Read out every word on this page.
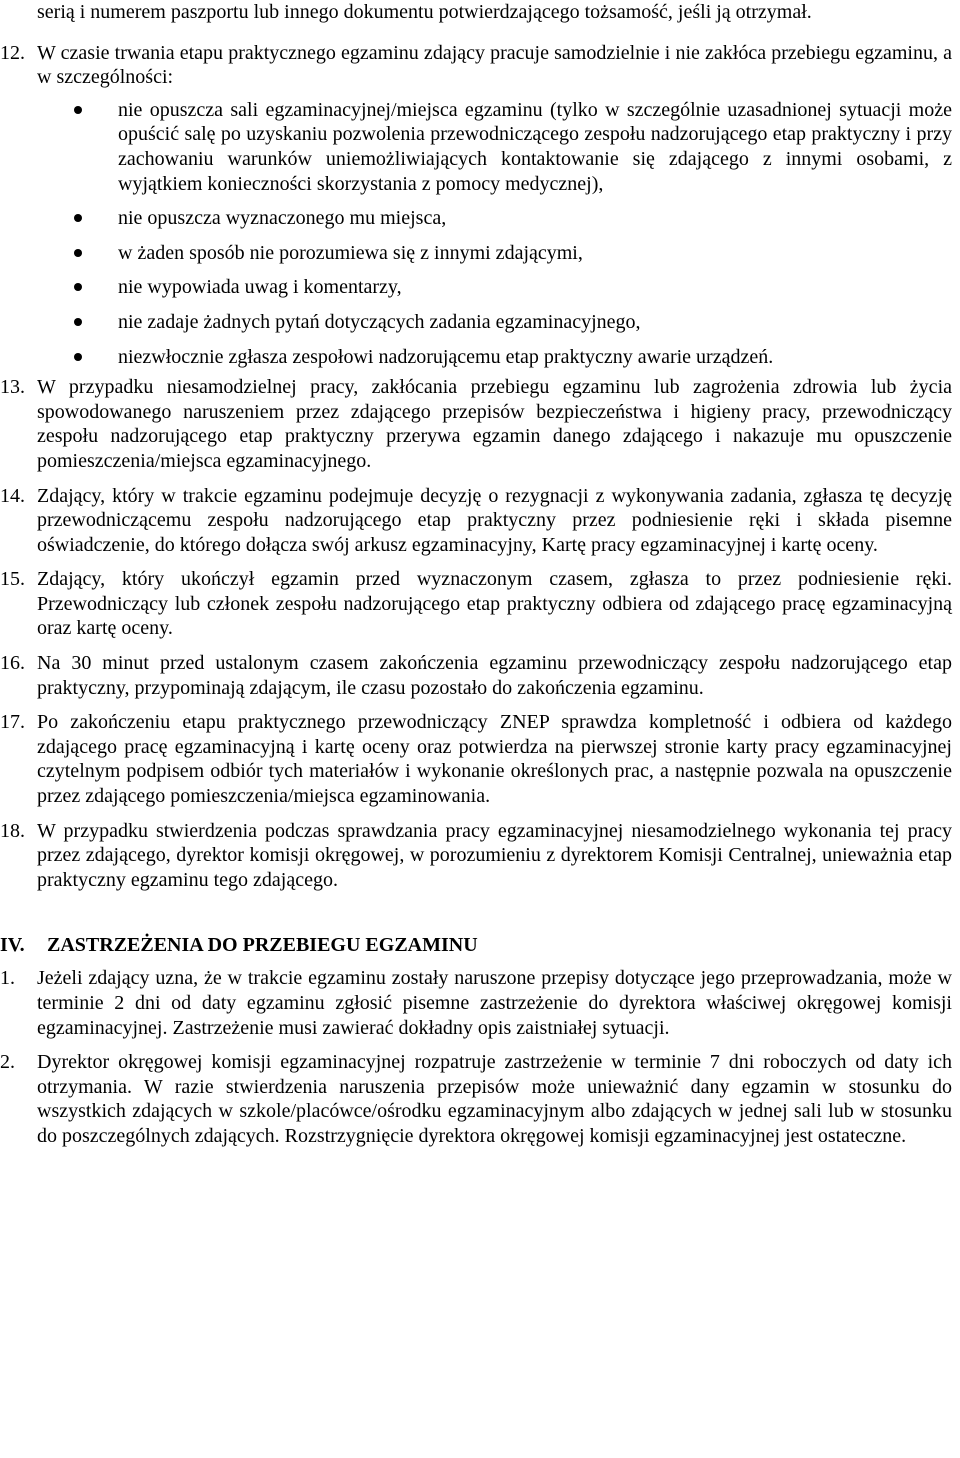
serią i numerem paszportu lub innego dokumentu potwierdzającego tożsamość, jeśli ją otrzymał.

12. W czasie trwania etapu praktycznego egzaminu zdający pracuje samodzielnie i nie zakłóca przebiegu egzaminu, a w szczególności:

nie opuszcza sali egzaminacyjnej/miejsca egzaminu (tylko w szczególnie uzasadnionej sytuacji może opuścić salę po uzyskaniu pozwolenia przewodniczącego zespołu nadzorującego etap praktyczny i przy zachowaniu warunków uniemożliwiających kontaktowanie się zdającego z innymi osobami, z wyjątkiem konieczności skorzystania z pomocy medycznej),
nie opuszcza wyznaczonego mu miejsca,
w żaden sposób nie porozumiewa się z innymi zdającymi,
nie wypowiada uwag i komentarzy,
nie zadaje żadnych pytań dotyczących zadania egzaminacyjnego,
niezwłocznie zgłasza zespołowi nadzorującemu etap praktyczny awarie urządzeń.
13. W przypadku niesamodzielnej pracy, zakłócania przebiegu egzaminu lub zagrożenia zdrowia lub życia spowodowanego naruszeniem przez zdającego przepisów bezpieczeństwa i higieny pracy, przewodniczący zespołu nadzorującego etap praktyczny przerywa egzamin danego zdającego i nakazuje mu opuszczenie pomieszczenia/miejsca egzaminacyjnego.

14. Zdający, który w trakcie egzaminu podejmuje decyzję o rezygnacji z wykonywania zadania, zgłasza tę decyzję przewodniczącemu zespołu nadzorującego etap praktyczny przez podniesienie ręki i składa pisemne oświadczenie, do którego dołącza swój arkusz egzaminacyjny, Kartę pracy egzaminacyjnej i kartę oceny.

15. Zdający, który ukończył egzamin przed wyznaczonym czasem, zgłasza to przez podniesienie ręki. Przewodniczący lub członek zespołu nadzorującego etap praktyczny odbiera od zdającego pracę egzaminacyjną oraz kartę oceny.

16. Na 30 minut przed ustalonym czasem zakończenia egzaminu przewodniczący zespołu nadzorującego etap praktyczny, przypominają zdającym, ile czasu pozostało do zakończenia egzaminu.

17. Po zakończeniu etapu praktycznego przewodniczący ZNEP sprawdza kompletność i odbiera od każdego zdającego pracę egzaminacyjną i kartę oceny oraz potwierdza na pierwszej stronie karty pracy egzaminacyjnej czytelnym podpisem odbiór tych materiałów i wykonanie określonych prac, a następnie pozwala na opuszczenie przez zdającego pomieszczenia/miejsca egzaminowania.

18. W przypadku stwierdzenia podczas sprawdzania pracy egzaminacyjnej niesamodzielnego wykonania tej pracy przez zdającego, dyrektor komisji okręgowej, w porozumieniu z dyrektorem Komisji Centralnej, unieważnia etap praktyczny egzaminu tego zdającego.

IV. ZASTRZEŻENIA DO PRZEBIEGU EGZAMINU
1.	Jeżeli zdający uzna, że w trakcie egzaminu zostały naruszone przepisy dotyczące jego przeprowadzania, może w terminie 2 dni od daty egzaminu zgłosić pisemne zastrzeżenie do dyrektora właściwej okręgowej komisji egzaminacyjnej. Zastrzeżenie musi zawierać dokładny opis zaistniałej sytuacji.

2.	Dyrektor okręgowej komisji egzaminacyjnej rozpatruje zastrzeżenie w terminie 7 dni roboczych od daty ich otrzymania. W razie stwierdzenia naruszenia przepisów może unieważnić dany egzamin w stosunku do wszystkich zdających w szkole/placówce/ośrodku egzaminacyjnym albo zdających w jednej sali lub w stosunku do poszczególnych zdających. Rozstrzygnięcie dyrektora okręgowej komisji egzaminacyjnej jest ostateczne.
